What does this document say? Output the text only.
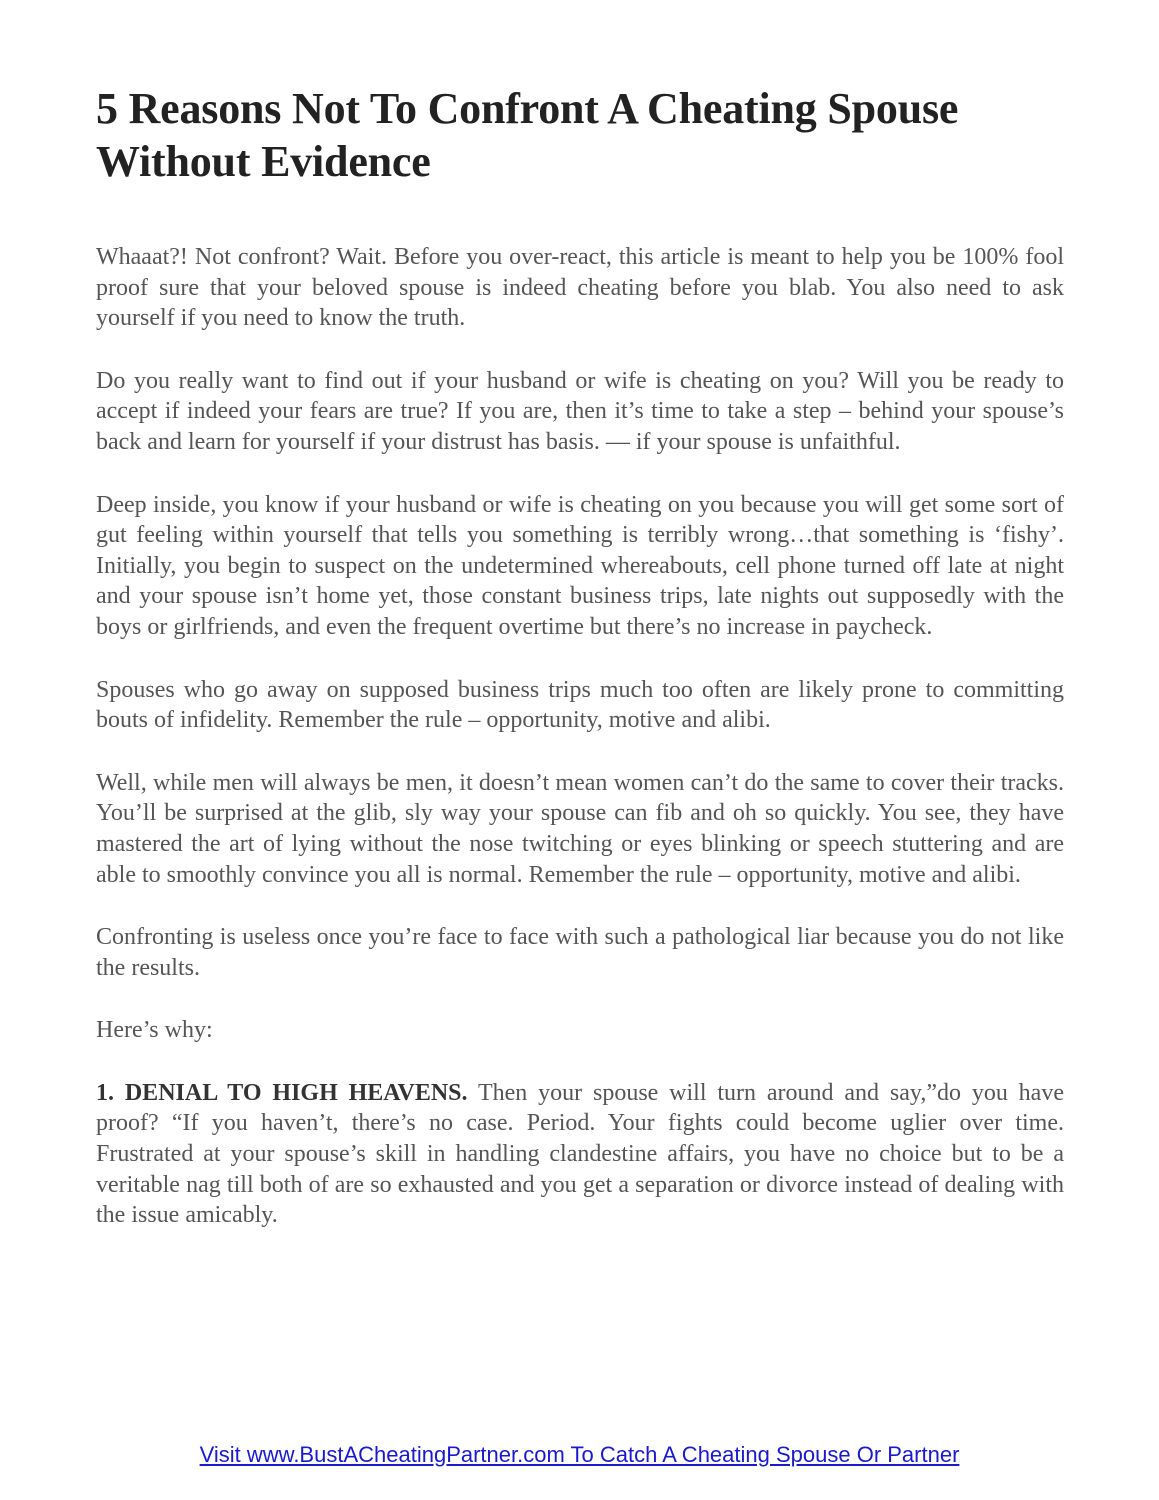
5 Reasons Not To Confront A Cheating Spouse Without Evidence

Whaaat?! Not confront? Wait. Before you over-react, this article is meant to help you be 100% fool proof sure that your beloved spouse is indeed cheating before you blab. You also need to ask yourself if you need to know the truth.

Do you really want to find out if your husband or wife is cheating on you? Will you be ready to accept if indeed your fears are true? If you are, then it’s time to take a step – behind your spouse’s back and learn for yourself if your distrust has basis. — if your spouse is unfaithful.

Deep inside, you know if your husband or wife is cheating on you because you will get some sort of gut feeling within yourself that tells you something is terribly wrong…that something is ‘fishy’. Initially, you begin to suspect on the undetermined whereabouts, cell phone turned off late at night and your spouse isn’t home yet, those constant business trips, late nights out supposedly with the boys or girlfriends, and even the frequent overtime but there’s no increase in paycheck.

Spouses who go away on supposed business trips much too often are likely prone to committing bouts of infidelity. Remember the rule – opportunity, motive and alibi.

Well, while men will always be men, it doesn’t mean women can’t do the same to cover their tracks. You’ll be surprised at the glib, sly way your spouse can fib and oh so quickly. You see, they have mastered the art of lying without the nose twitching or eyes blinking or speech stuttering and are able to smoothly convince you all is normal. Remember the rule – opportunity, motive and alibi.

Confronting is useless once you’re face to face with such a pathological liar because you do not like the results.

Here’s why:

1. DENIAL TO HIGH HEAVENS. Then your spouse will turn around and say,”do you have proof? “If you haven’t, there’s no case. Period. Your fights could become uglier over time. Frustrated at your spouse’s skill in handling clandestine affairs, you have no choice but to be a veritable nag till both of are so exhausted and you get a separation or divorce instead of dealing with the issue amicably.

Visit www.BustACheatingPartner.com To Catch A Cheating Spouse Or Partner
